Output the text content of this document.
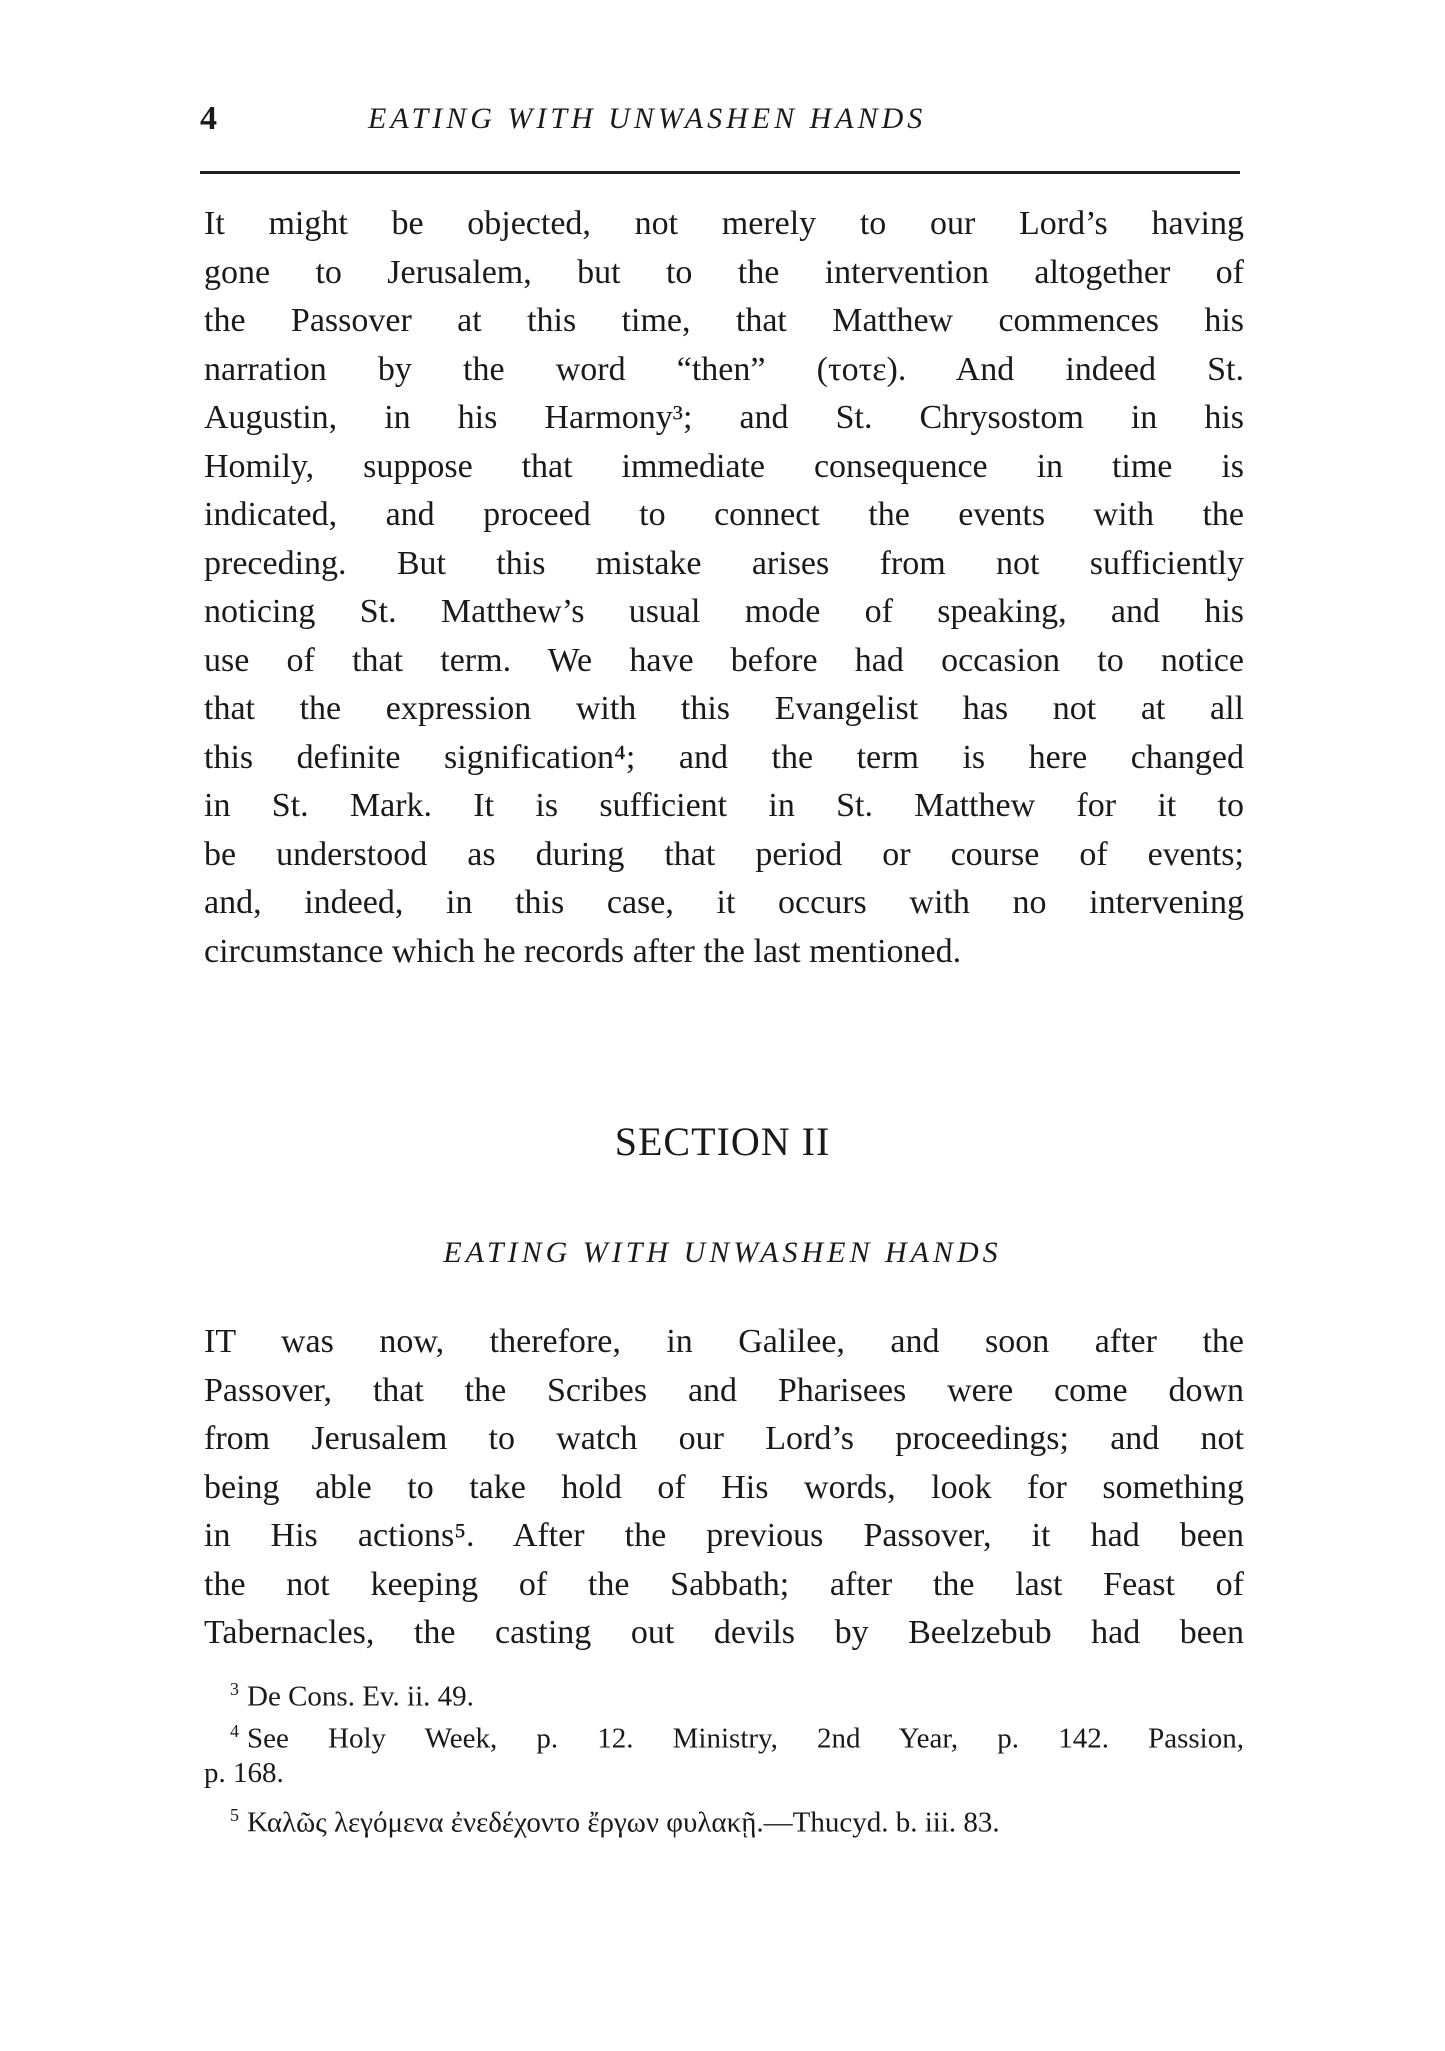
4	EATING WITH UNWASHEN HANDS
It might be objected, not merely to our Lord’s having
gone to Jerusalem, but to the intervention altogether of
the Passover at this time, that Matthew commences his
narration by the word “then” (τοτε). And indeed St.
Augustin, in his Harmony³; and St. Chrysostom in his
Homily, suppose that immediate consequence in time is
indicated, and proceed to connect the events with the
preceding. But this mistake arises from not sufficiently
noticing St. Matthew’s usual mode of speaking, and his
use of that term. We have before had occasion to notice
that the expression with this Evangelist has not at all
this definite signification⁴; and the term is here changed
in St. Mark. It is sufficient in St. Matthew for it to
be understood as during that period or course of events;
and, indeed, in this case, it occurs with no intervening
circumstance which he records after the last mentioned.
SECTION II
EATING WITH UNWASHEN HANDS
IT was now, therefore, in Galilee, and soon after the
Passover, that the Scribes and Pharisees were come down
from Jerusalem to watch our Lord’s proceedings; and not
being able to take hold of His words, look for something
in His actions⁵. After the previous Passover, it had been
the not keeping of the Sabbath; after the last Feast of
Tabernacles, the casting out devils by Beelzebub had been
$^3$ De Cons. Ev. ii. 49.
$^4$ See Holy Week, p. 12. Ministry, 2nd Year, p. 142. Passion,
p. 168.
$^5$ Καλῶς λεγόμενα ἐνεδέχοντο ἔργων φυλακῇ.—Thucyd. b. iii. 83.
